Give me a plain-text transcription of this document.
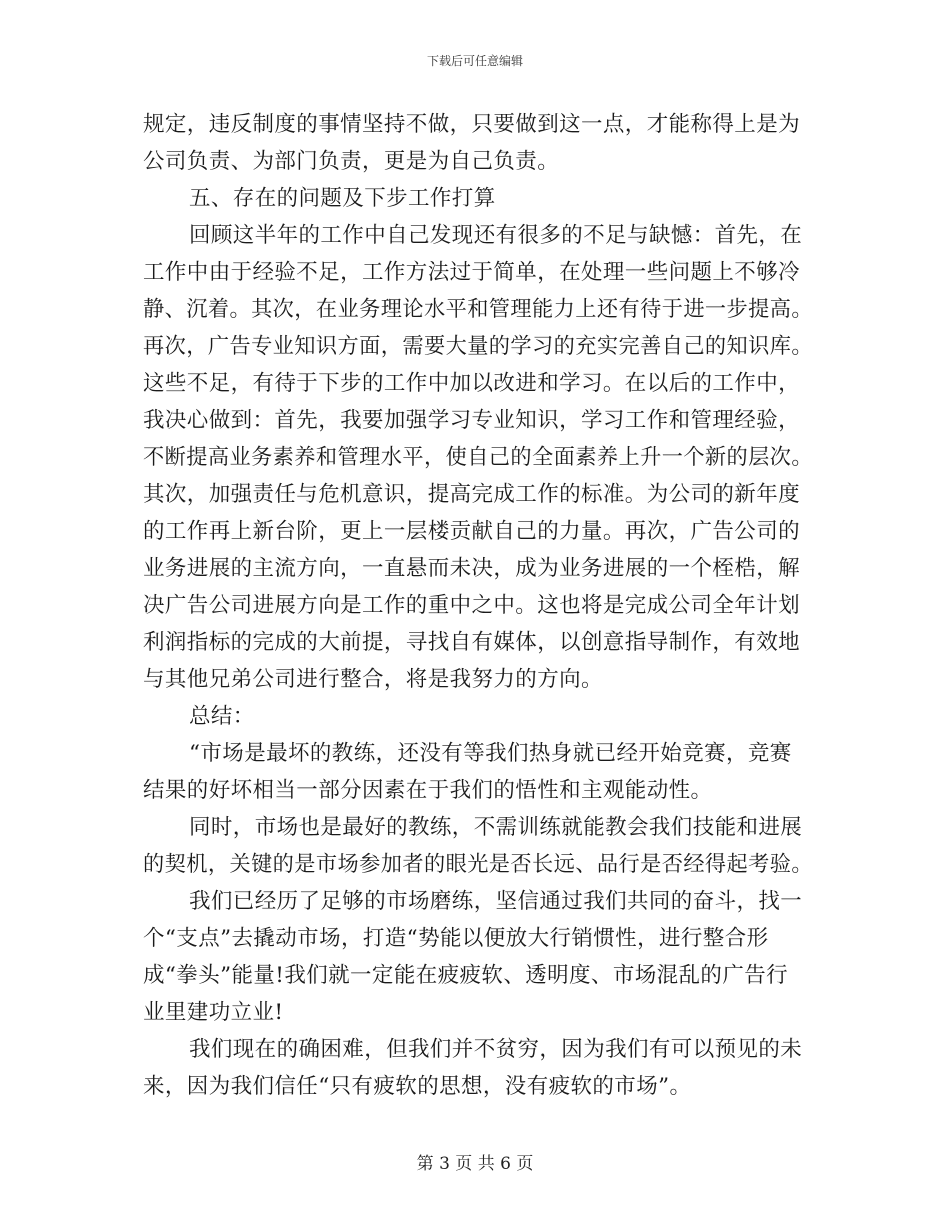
下载后可任意编辑
规定，违反制度的事情坚持不做，只要做到这一点，才能称得上是为
公司负责、为部门负责，更是为自己负责。
五、存在的问题及下步工作打算
回顾这半年的工作中自己发现还有很多的不足与缺憾：首先，在
工作中由于经验不足，工作方法过于简单，在处理一些问题上不够冷
静、沉着。其次，在业务理论水平和管理能力上还有待于进一步提高。
再次，广告专业知识方面，需要大量的学习的充实完善自己的知识库。
这些不足，有待于下步的工作中加以改进和学习。在以后的工作中，
我决心做到：首先，我要加强学习专业知识，学习工作和管理经验，
不断提高业务素养和管理水平，使自己的全面素养上升一个新的层次。
其次，加强责任与危机意识，提高完成工作的标准。为公司的新年度
的工作再上新台阶，更上一层楼贡献自己的力量。再次，广告公司的
业务进展的主流方向，一直悬而未决，成为业务进展的一个桎梏，解
决广告公司进展方向是工作的重中之中。这也将是完成公司全年计划
利润指标的完成的大前提，寻找自有媒体，以创意指导制作，有效地
与其他兄弟公司进行整合，将是我努力的方向。
总结：
“市场是最坏的教练，还没有等我们热身就已经开始竞赛，竞赛
结果的好坏相当一部分因素在于我们的悟性和主观能动性。
同时，市场也是最好的教练，不需训练就能教会我们技能和进展
的契机，关键的是市场参加者的眼光是否长远、品行是否经得起考验。
我们已经历了足够的市场磨练，坚信通过我们共同的奋斗，找一
个“支点”去撬动市场，打造“势能以便放大行销惯性，进行整合形
成“拳头”能量!我们就一定能在疲疲软、透明度、市场混乱的广告行
业里建功立业!
我们现在的确困难，但我们并不贫穷，因为我们有可以预见的未
来，因为我们信任“只有疲软的思想，没有疲软的市场”。
第 3 页 共 6 页
